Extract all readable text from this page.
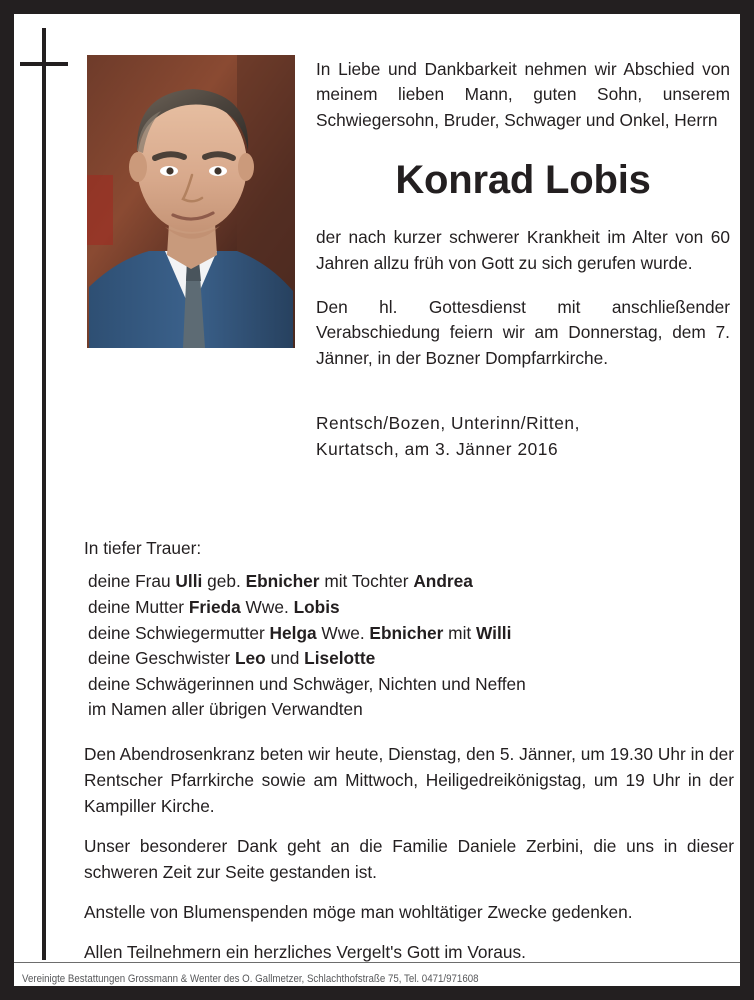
In Liebe und Dankbarkeit nehmen wir Abschied von meinem lieben Mann, guten Sohn, unserem Schwiegersohn, Bruder, Schwager und Onkel, Herrn

Konrad Lobis

der nach kurzer schwerer Krankheit im Alter von 60 Jahren allzu früh von Gott zu sich gerufen wurde.

Den hl. Gottesdienst mit anschließender Verabschiedung feiern wir am Donnerstag, dem 7. Jänner, in der Bozner Dompfarrkirche.

Rentsch/Bozen, Unterinn/Ritten,

Kurtatsch, am 3. Jänner 2016

In tiefer Trauer:

deine Frau Ulli geb. Ebnicher mit Tochter Andrea

deine Mutter Frieda Wwe. Lobis

deine Schwiegermutter Helga Wwe. Ebnicher mit Willi

deine Geschwister Leo und Liselotte

deine Schwägerinnen und Schwäger, Nichten und Neffen

im Namen aller übrigen Verwandten

Den Abendrosenkranz beten wir heute, Dienstag, den 5. Jänner, um 19.30 Uhr in der Rentscher Pfarrkirche sowie am Mittwoch, Heiligedreikönigstag, um 19 Uhr in der Kampiller Kirche.

Unser besonderer Dank geht an die Familie Daniele Zerbini, die uns in dieser schweren Zeit zur Seite gestanden ist.

Anstelle von Blumenspenden möge man wohltätiger Zwecke gedenken.

Allen Teilnehmern ein herzliches Vergelt's Gott im Voraus.

Vereinigte Bestattungen Grossmann & Wenter des O. Gallmetzer, Schlachthofstraße 75, Tel. 0471/971608
